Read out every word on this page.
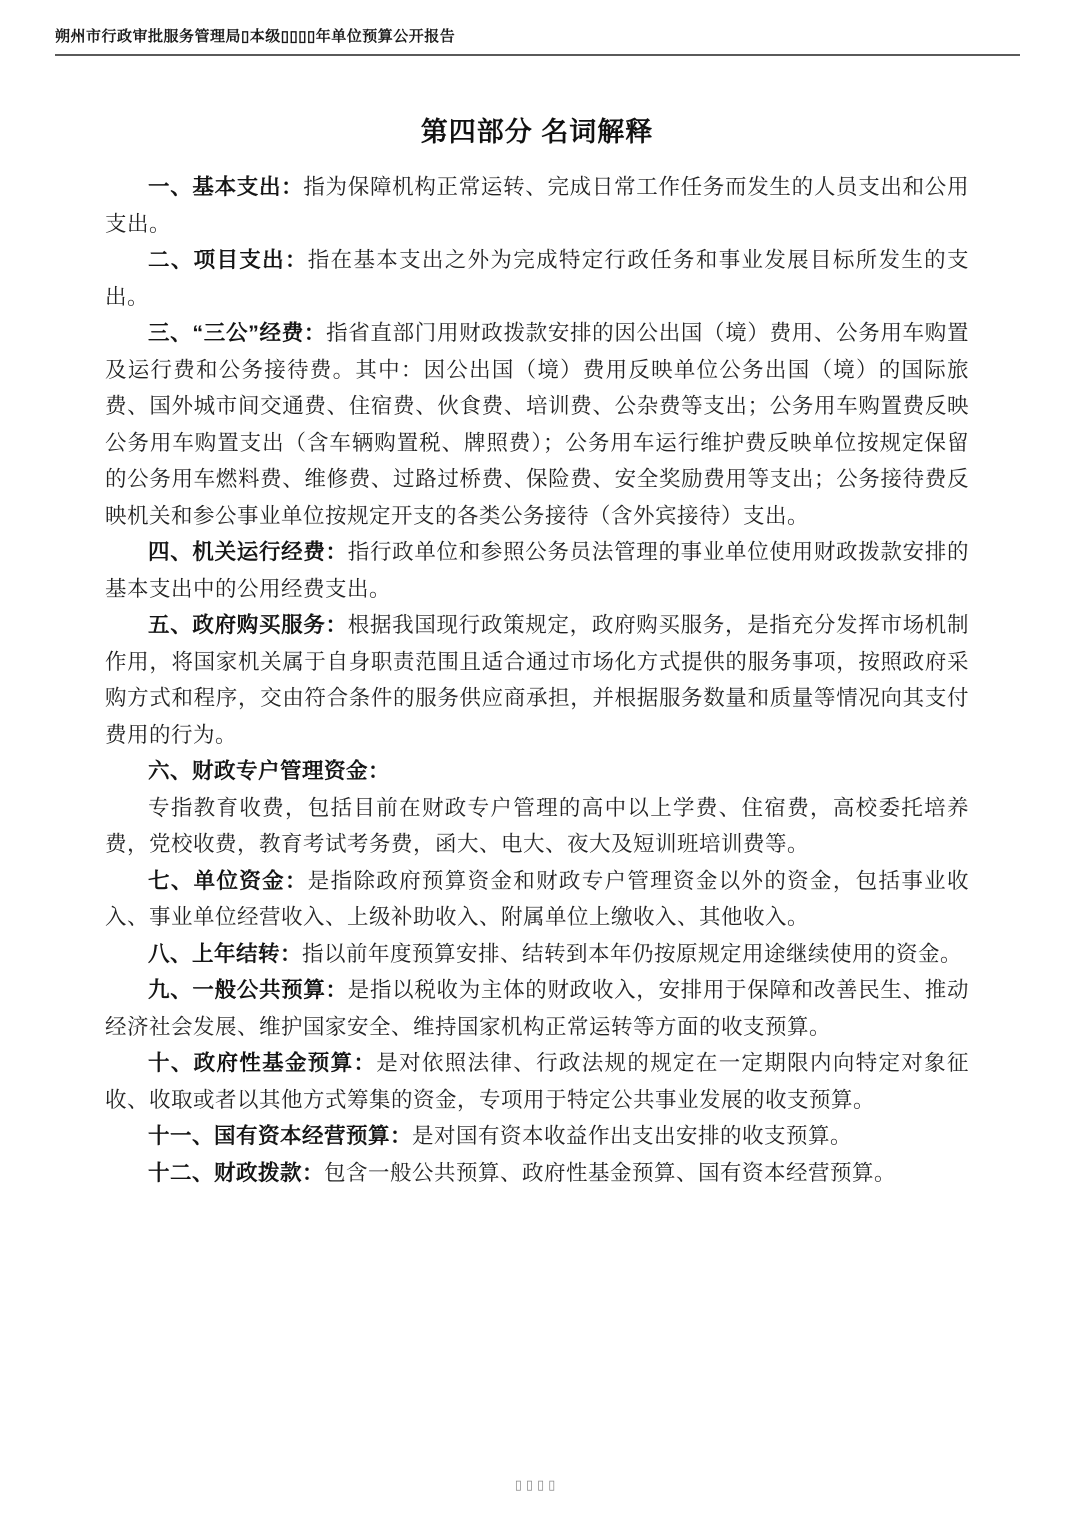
朔州市行政审批服务管理局▯本级▯▯▯▯年单位预算公开报告
第四部分 名词解释

一、基本支出：指为保障机构正常运转、完成日常工作任务而发生的人员支出和公用支出。

二、项目支出：指在基本支出之外为完成特定行政任务和事业发展目标所发生的支出。

三、“三公”经费：指省直部门用财政拨款安排的因公出国（境）费用、公务用车购置及运行费和公务接待费。其中：因公出国（境）费用反映单位公务出国（境）的国际旅费、国外城市间交通费、住宿费、伙食费、培训费、公杂费等支出；公务用车购置费反映公务用车购置支出（含车辆购置税、牌照费）；公务用车运行维护费反映单位按规定保留的公务用车燃料费、维修费、过路过桥费、保险费、安全奖励费用等支出；公务接待费反映机关和参公事业单位按规定开支的各类公务接待（含外宾接待）支出。

四、机关运行经费：指行政单位和参照公务员法管理的事业单位使用财政拨款安排的基本支出中的公用经费支出。

五、政府购买服务：根据我国现行政策规定，政府购买服务，是指充分发挥市场机制作用，将国家机关属于自身职责范围且适合通过市场化方式提供的服务事项，按照政府采购方式和程序，交由符合条件的服务供应商承担，并根据服务数量和质量等情况向其支付费用的行为。

六、财政专户管理资金：

专指教育收费，包括目前在财政专户管理的高中以上学费、住宿费，高校委托培养费，党校收费，教育考试考务费，函大、电大、夜大及短训班培训费等。

七、单位资金：是指除政府预算资金和财政专户管理资金以外的资金，包括事业收入、事业单位经营收入、上级补助收入、附属单位上缴收入、其他收入。

八、上年结转：指以前年度预算安排、结转到本年仍按原规定用途继续使用的资金。

九、一般公共预算：是指以税收为主体的财政收入，安排用于保障和改善民生、推动经济社会发展、维护国家安全、维持国家机构正常运转等方面的收支预算。

十、政府性基金预算：是对依照法律、行政法规的规定在一定期限内向特定对象征收、收取或者以其他方式筹集的资金，专项用于特定公共事业发展的收支预算。

十一、国有资本经营预算：是对国有资本收益作出支出安排的收支预算。

十二、财政拨款：包含一般公共预算、政府性基金预算、国有资本经营预算。

▯▯▯▯
